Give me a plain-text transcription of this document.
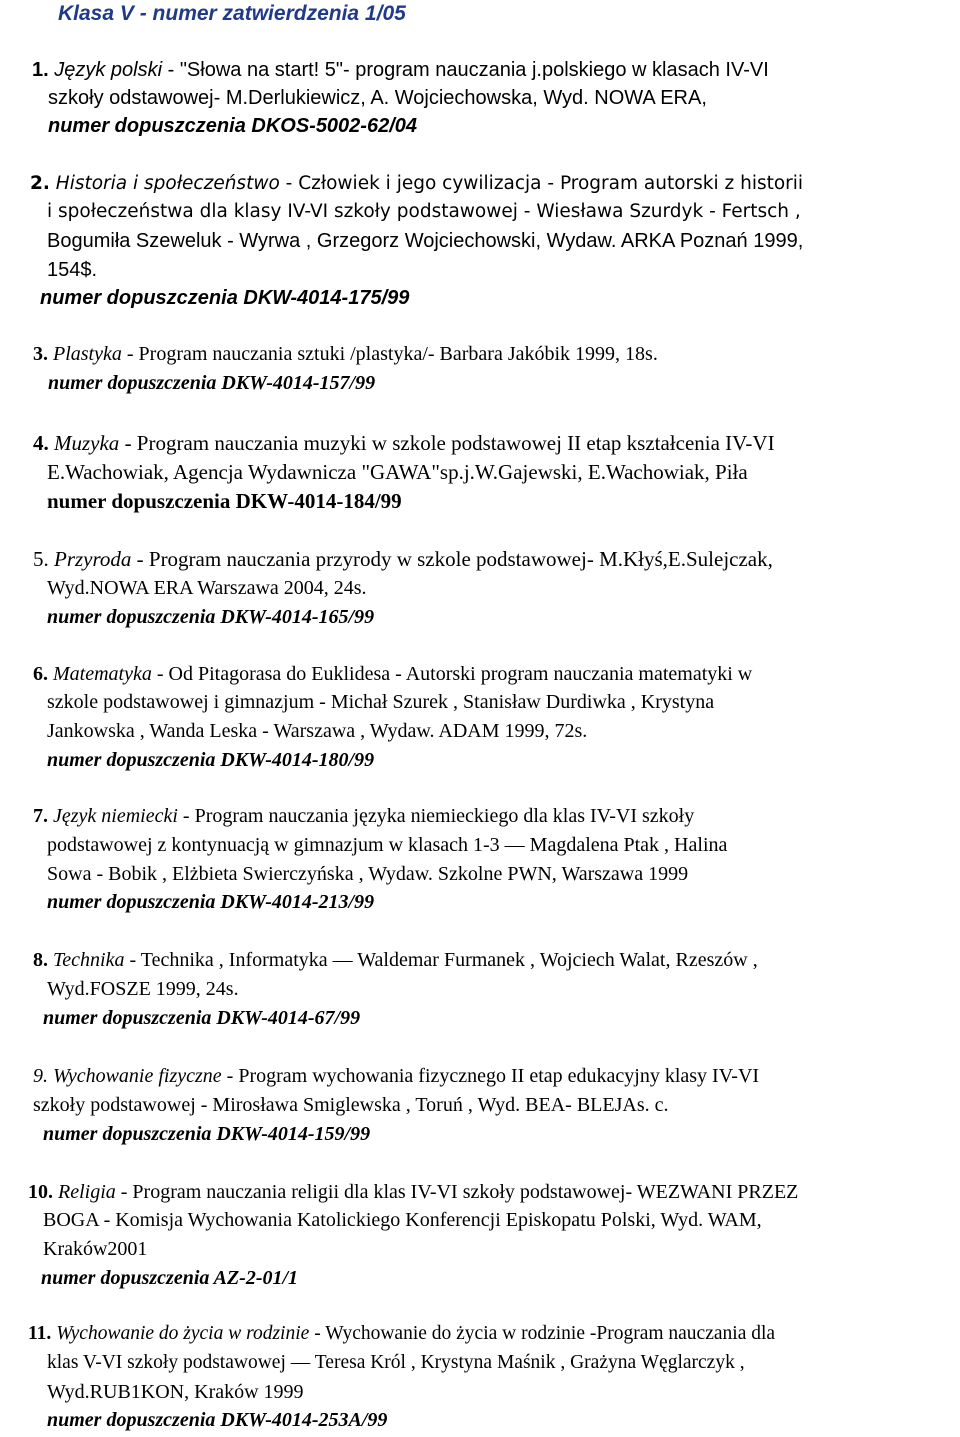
Klasa V - numer zatwierdzenia 1/05
1. Język polski - "Słowa na start! 5"- program nauczania j.polskiego w klasach IV-VI
szkoły odstawowej- M.Derlukiewicz, A. Wojciechowska, Wyd. NOWA ERA,
numer dopuszczenia DKOS-5002-62/04
2. Historia i społeczeństwo - Człowiek i jego cywilizacja - Program autorski z historii
i społeczeństwa dla klasy IV-VI szkoły podstawowej - Wiesława Szurdyk - Fertsch ,
Bogumiła Szeweluk - Wyrwa , Grzegorz Wojciechowski, Wydaw. ARKA Poznań 1999,
154$.
numer dopuszczenia DKW-4014-175/99
3. Plastyka - Program nauczania sztuki /plastyka/- Barbara Jakóbik 1999, 18s.
numer dopuszczenia DKW-4014-157/99
4. Muzyka - Program nauczania muzyki w szkole podstawowej II etap kształcenia IV-VI
E.Wachowiak, Agencja Wydawnicza "GAWA"sp.j.W.Gajewski, E.Wachowiak, Piła
numer dopuszczenia DKW-4014-184/99
5. Przyroda - Program nauczania przyrody w szkole podstawowej- M.Kłyś,E.Sulejczak,
Wyd.NOWA ERA Warszawa 2004, 24s.
numer dopuszczenia DKW-4014-165/99
6. Matematyka - Od Pitagorasa do Euklidesa - Autorski program nauczania matematyki w
szkole podstawowej i gimnazjum - Michał Szurek , Stanisław Durdiwka , Krystyna
Jankowska , Wanda Leska - Warszawa , Wydaw. ADAM 1999, 72s.
numer dopuszczenia DKW-4014-180/99
7. Język niemiecki - Program nauczania języka niemieckiego dla klas IV-VI szkoły
podstawowej z kontynuacją w gimnazjum w klasach 1-3 — Magdalena Ptak , Halina
Sowa - Bobik , Elżbieta Swierczyńska , Wydaw. Szkolne PWN, Warszawa 1999
numer dopuszczenia DKW-4014-213/99
8. Technika - Technika , Informatyka — Waldemar Furmanek , Wojciech Walat, Rzeszów ,
Wyd.FOSZE 1999, 24s.
numer dopuszczenia DKW-4014-67/99
9. Wychowanie fizyczne - Program wychowania fizycznego II etap edukacyjny klasy IV-VI
szkoły podstawowej - Mirosława Smiglewska , Toruń , Wyd. BEA- BLEJAs. c.
numer dopuszczenia DKW-4014-159/99
10. Religia - Program nauczania religii dla klas IV-VI szkoły podstawowej- WEZWANI PRZEZ
BOGA - Komisja Wychowania Katolickiego Konferencji Episkopatu Polski, Wyd. WAM,
Kraków2001
numer dopuszczenia AZ-2-01/1
11. Wychowanie do życia w rodzinie - Wychowanie do życia w rodzinie -Program nauczania dla
klas V-VI szkoły podstawowej — Teresa Król , Krystyna Maśnik , Grażyna Węglarczyk ,
Wyd.RUB1KON, Kraków 1999
numer dopuszczenia DKW-4014-253A/99
